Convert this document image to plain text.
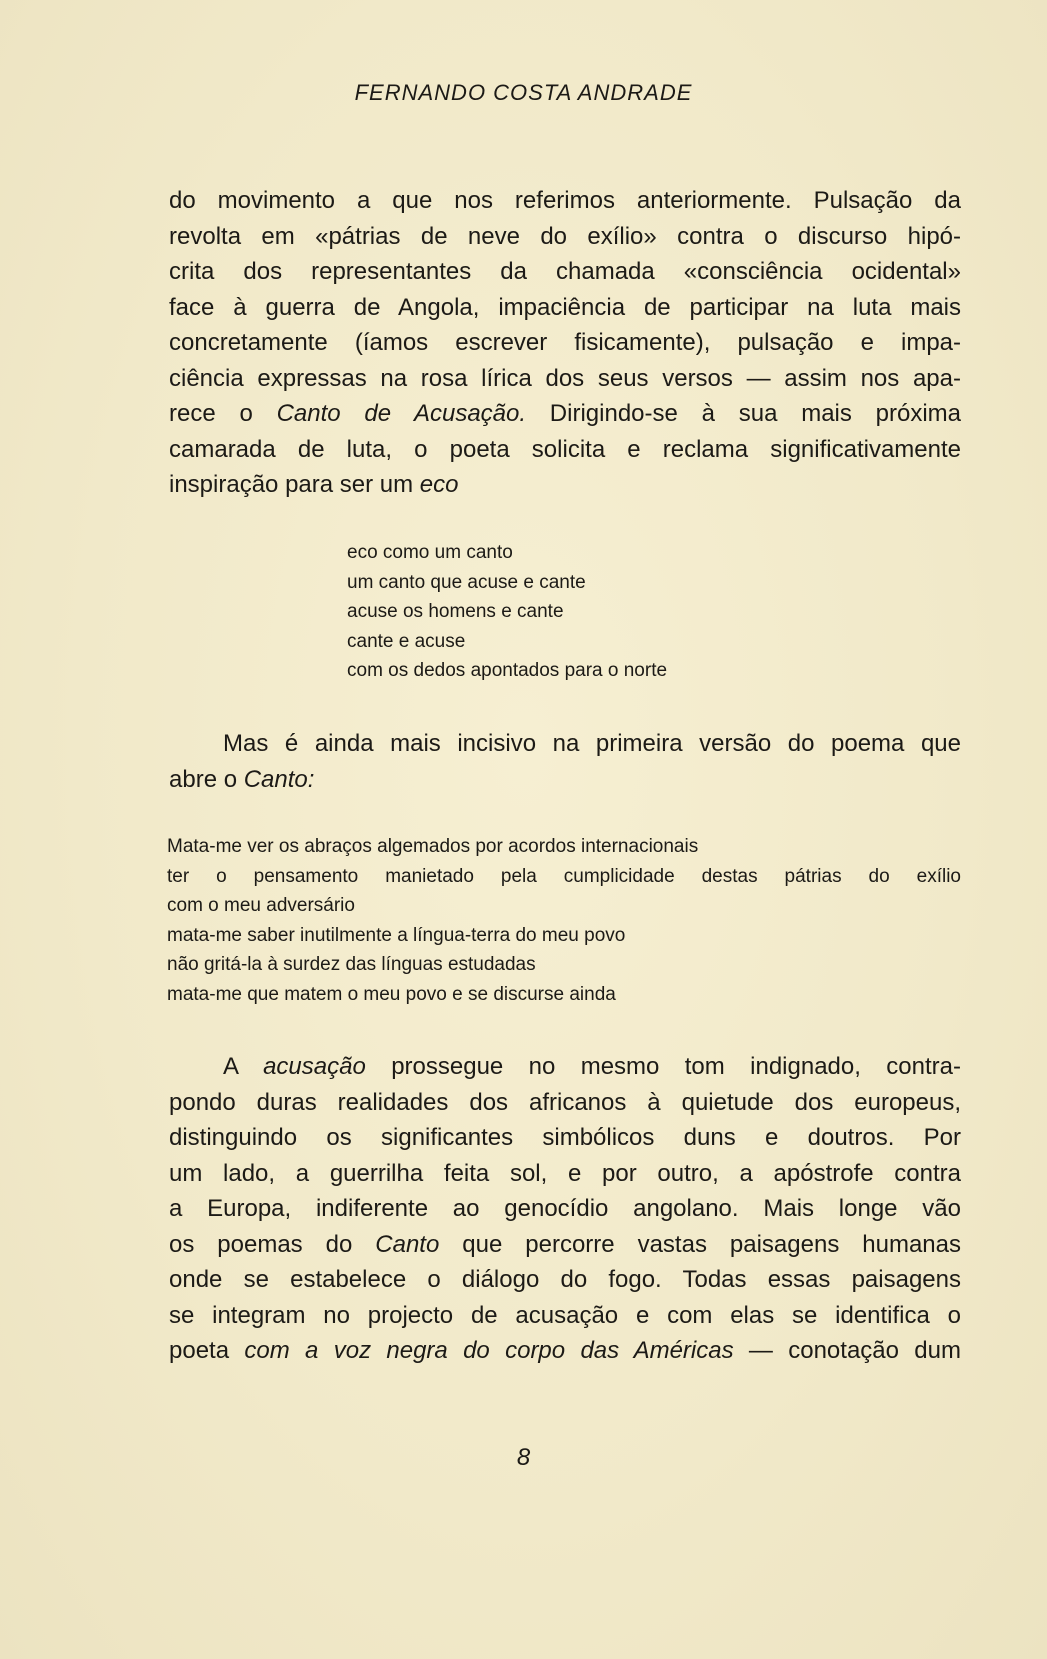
FERNANDO COSTA ANDRADE
do movimento a que nos referimos anteriormente. Pulsação da
revolta em «pátrias de neve do exílio» contra o discurso hipó-
crita dos representantes da chamada «consciência ocidental»
face à guerra de Angola, impaciência de participar na luta mais
concretamente (íamos escrever fisicamente), pulsação e impa-
ciência expressas na rosa lírica dos seus versos — assim nos apa-
rece o Canto de Acusação. Dirigindo-se à sua mais próxima
camarada de luta, o poeta solicita e reclama significativamente
inspiração para ser um eco
eco como um canto
um canto que acuse e cante
acuse os homens e cante
cante e acuse
com os dedos apontados para o norte
Mas é ainda mais incisivo na primeira versão do poema que
abre o Canto:
Mata-me ver os abraços algemados por acordos internacionais
ter o pensamento manietado pela cumplicidade destas pátrias do exílio
com o meu adversário
mata-me saber inutilmente a língua-terra do meu povo
não gritá-la à surdez das línguas estudadas
mata-me que matem o meu povo e se discurse ainda
A acusação prossegue no mesmo tom indignado, contra-
pondo duras realidades dos africanos à quietude dos europeus,
distinguindo os significantes simbólicos duns e doutros. Por
um lado, a guerrilha feita sol, e por outro, a apóstrofe contra
a Europa, indiferente ao genocídio angolano. Mais longe vão
os poemas do Canto que percorre vastas paisagens humanas
onde se estabelece o diálogo do fogo. Todas essas paisagens
se integram no projecto de acusação e com elas se identifica o
poeta com a voz negra do corpo das Américas — conotação dum
8
